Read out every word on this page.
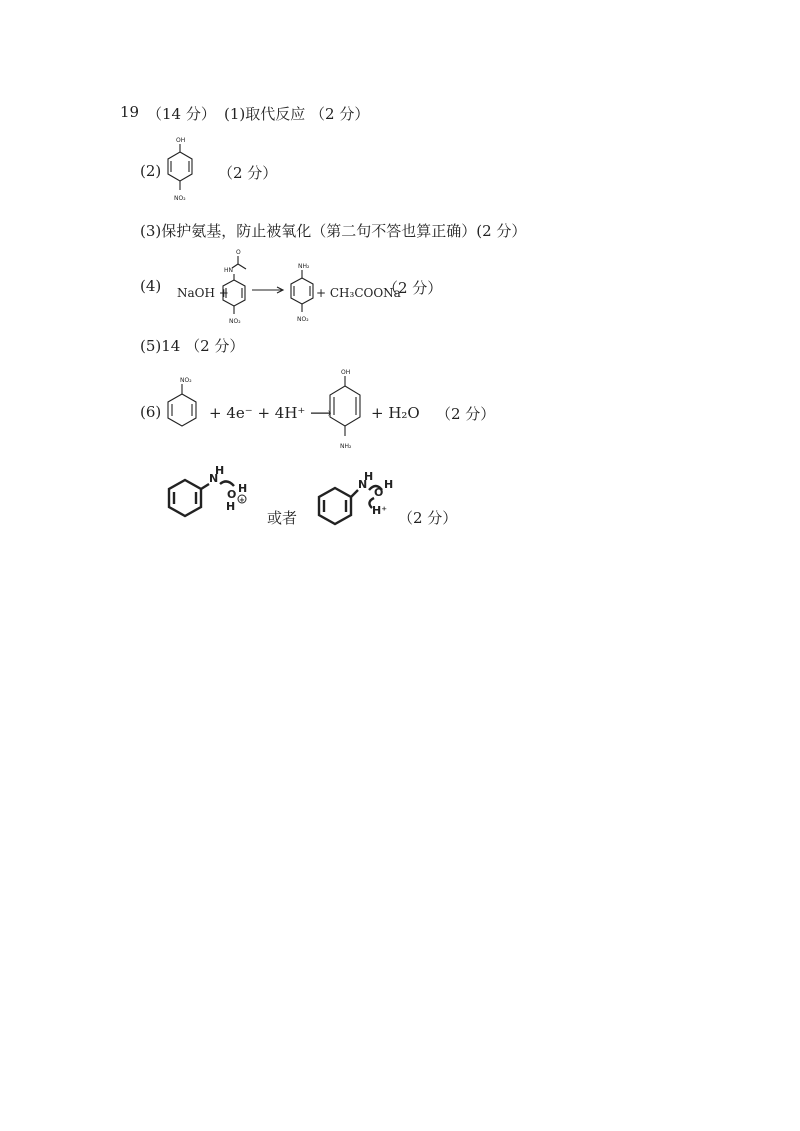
19 （14 分） (1)取代反应 （2 分）
(2)
OH
NO₂
（2 分）
(3)保护氨基，防止被氧化（第二句不答也算正确）(2 分）
(4) NaOH +
O
HN
NO₂
NH₂
NO₂
+ CH₃COONa
（2 分）
(5)14 （2 分）
(6)
NO₂
+ 4e⁻ + 4H⁺ ⟶
OH
NH₂
+ H₂O （2 分）
N
H
O H
H +
或者
N
H
O
H
H⁺ （2 分）
